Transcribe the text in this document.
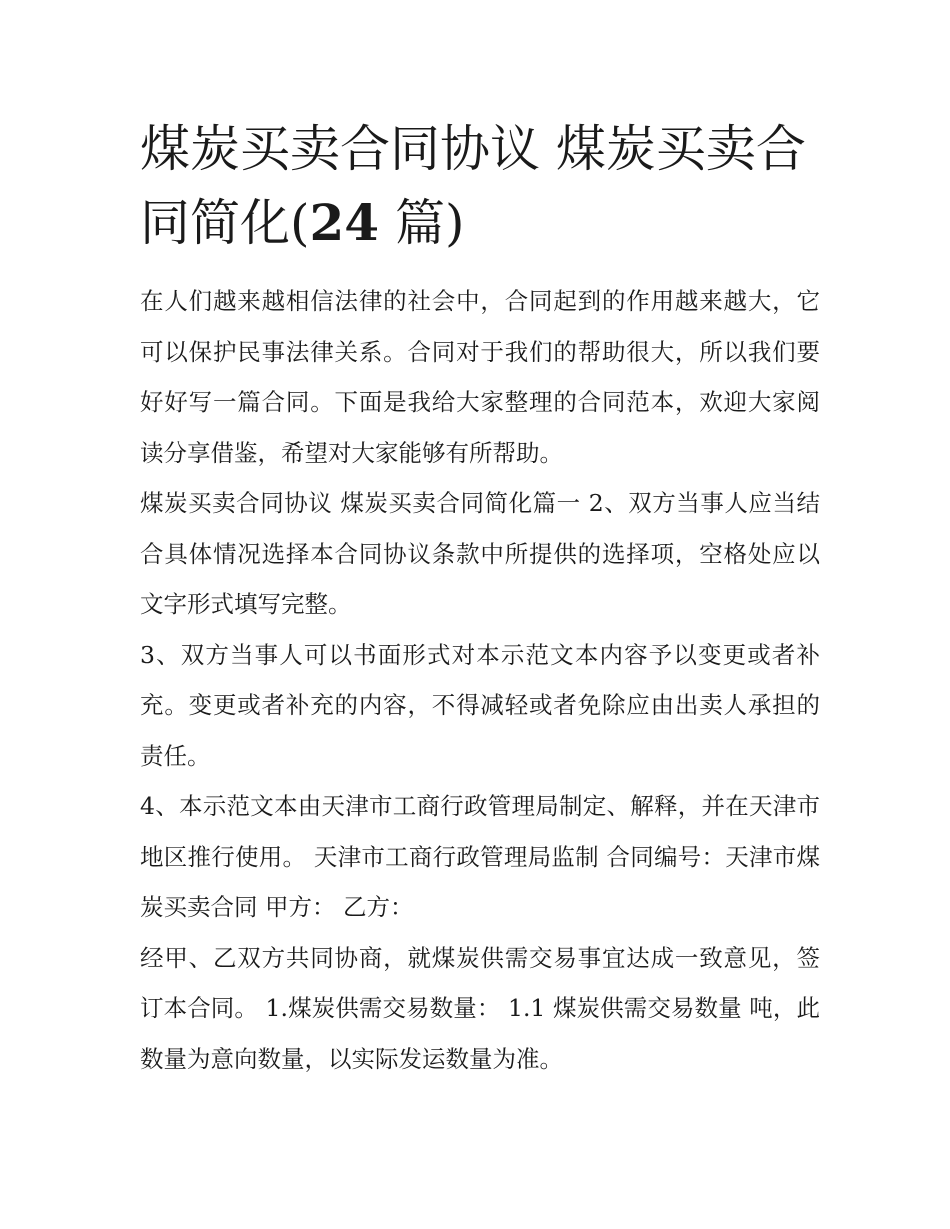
煤炭买卖合同协议 煤炭买卖合同简化(24 篇)

在人们越来越相信法律的社会中，合同起到的作用越来越大，它可以保护民事法律关系。合同对于我们的帮助很大，所以我们要好好写一篇合同。下面是我给大家整理的合同范本，欢迎大家阅读分享借鉴，希望对大家能够有所帮助。

煤炭买卖合同协议 煤炭买卖合同简化篇一 2、双方当事人应当结合具体情况选择本合同协议条款中所提供的选择项，空格处应以文字形式填写完整。

3、双方当事人可以书面形式对本示范文本内容予以变更或者补充。变更或者补充的内容，不得减轻或者免除应由出卖人承担的责任。

4、本示范文本由天津市工商行政管理局制定、解释，并在天津市地区推行使用。 天津市工商行政管理局监制 合同编号：天津市煤炭买卖合同 甲方： 乙方：

经甲、乙双方共同协商，就煤炭供需交易事宜达成一致意见，签订本合同。 1.煤炭供需交易数量： 1.1 煤炭供需交易数量 吨，此数量为意向数量，以实际发运数量为准。
